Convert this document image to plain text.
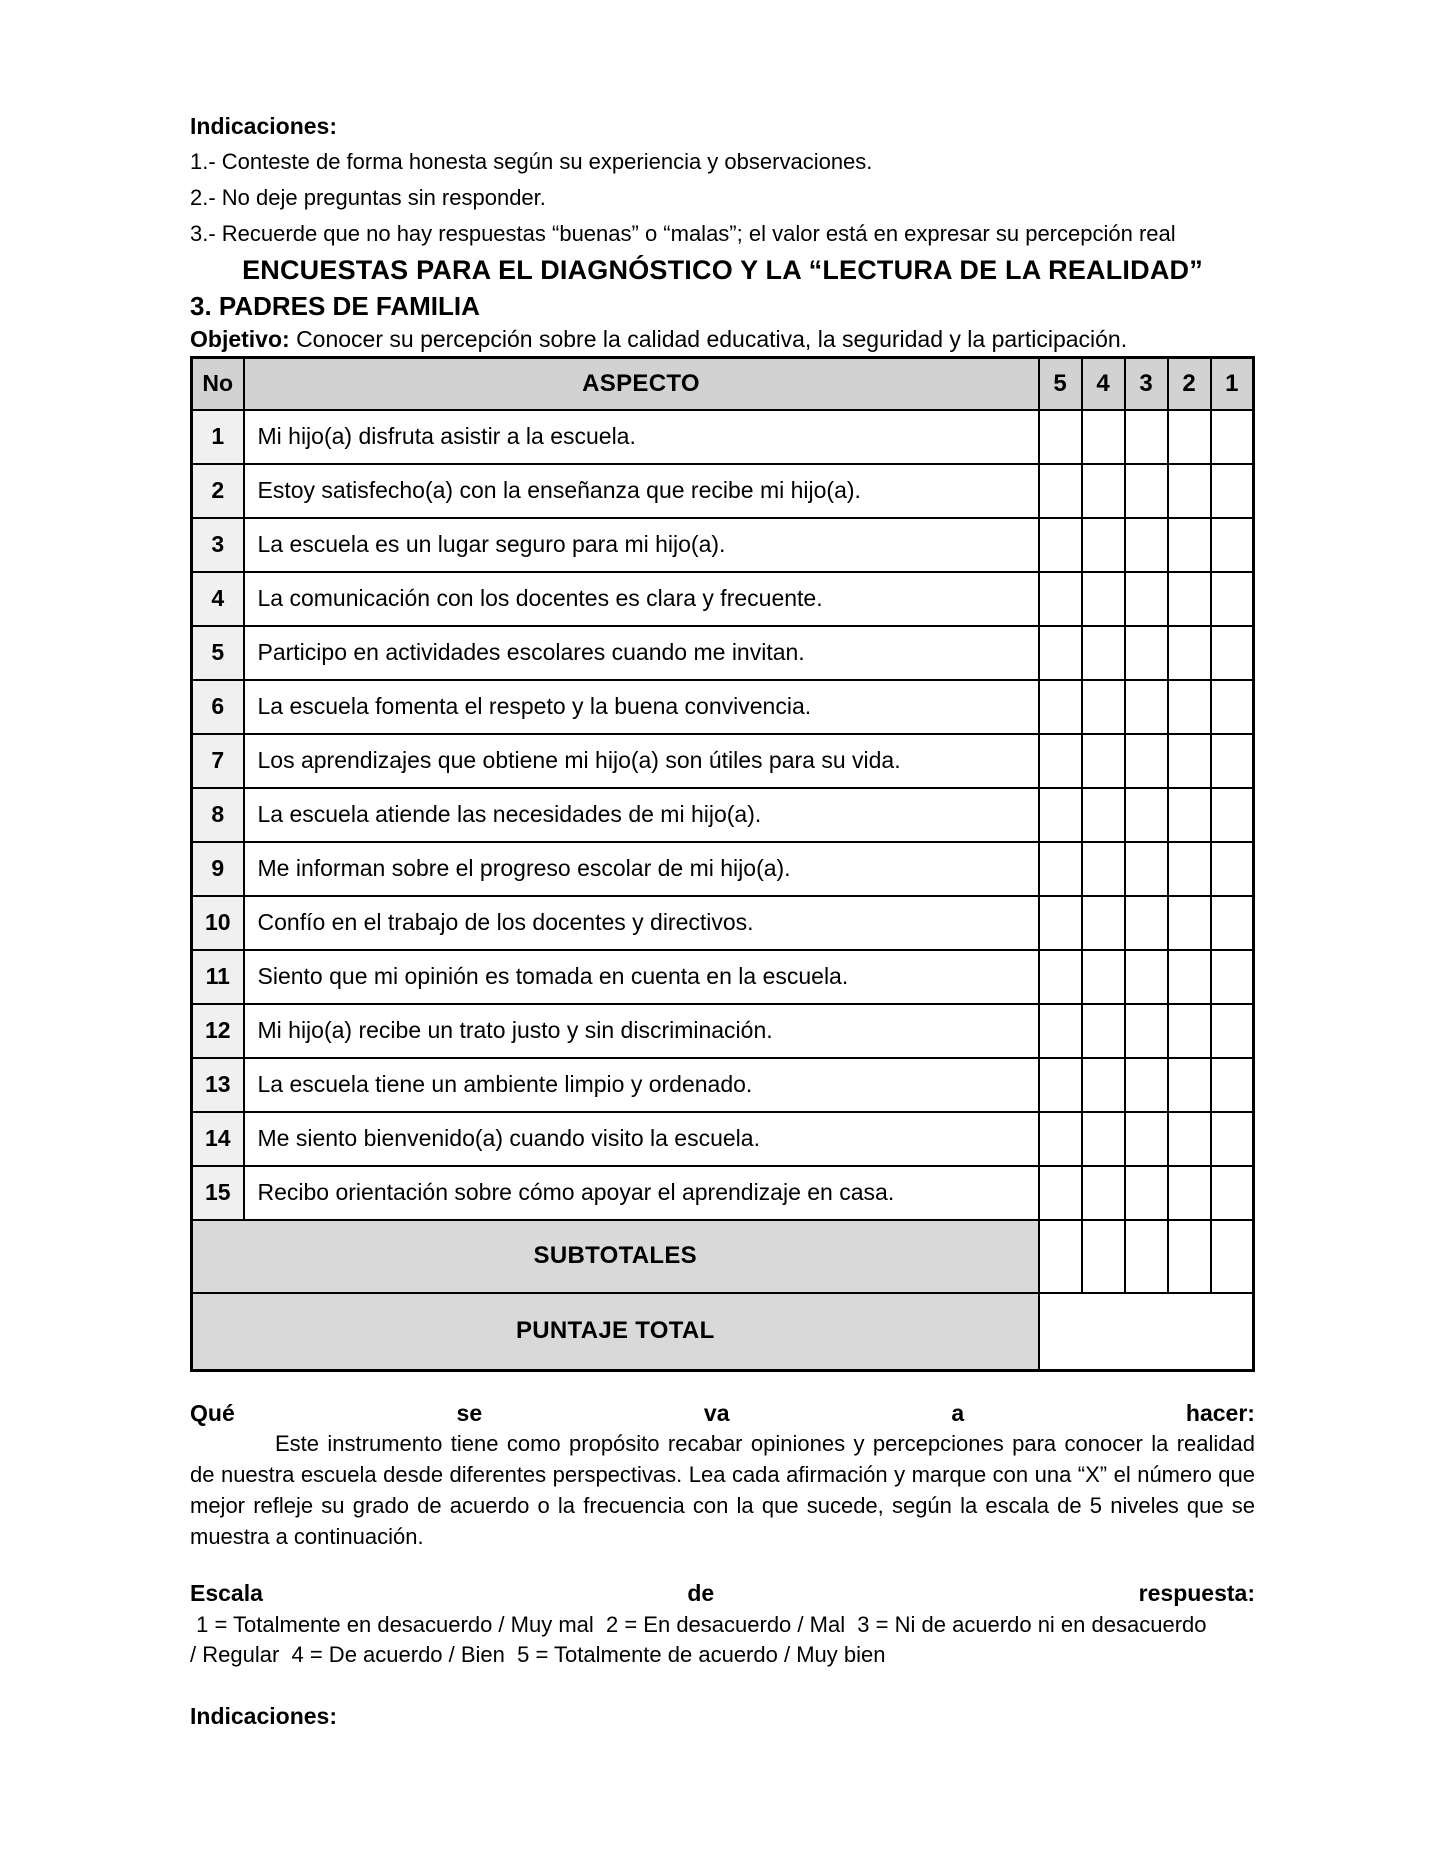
Indicaciones:

1.- Conteste de forma honesta según su experiencia y observaciones.

2.- No deje preguntas sin responder.

3.- Recuerde que no hay respuestas “buenas” o “malas”; el valor está en expresar su percepción real

ENCUESTAS PARA EL DIAGNÓSTICO Y LA “LECTURA DE LA REALIDAD”
3. PADRES DE FAMILIA

Objetivo: Conocer su percepción sobre la calidad educativa, la seguridad y la participación.

No	ASPECTO	5	4	3	2	1
1	Mi hijo(a) disfruta asistir a la escuela.					
2	Estoy satisfecho(a) con la enseñanza que recibe mi hijo(a).					
3	La escuela es un lugar seguro para mi hijo(a).					
4	La comunicación con los docentes es clara y frecuente.					
5	Participo en actividades escolares cuando me invitan.					
6	La escuela fomenta el respeto y la buena convivencia.					
7	Los aprendizajes que obtiene mi hijo(a) son útiles para su vida.					
8	La escuela atiende las necesidades de mi hijo(a).					
9	Me informan sobre el progreso escolar de mi hijo(a).					
10	Confío en el trabajo de los docentes y directivos.					
11	Siento que mi opinión es tomada en cuenta en la escuela.					
12	Mi hijo(a) recibe un trato justo y sin discriminación.					
13	La escuela tiene un ambiente limpio y ordenado.					
14	Me siento bienvenido(a) cuando visito la escuela.					
15	Recibo orientación sobre cómo apoyar el aprendizaje en casa.					
SUBTOTALES						
PUNTAJE TOTAL						
Qué	se	va	a	hacer:

Este instrumento tiene como propósito recabar opiniones y percepciones para conocer la realidad de nuestra escuela desde diferentes perspectivas. Lea cada afirmación y marque con una “X” el número que mejor refleje su grado de acuerdo o la frecuencia con la que sucede, según la escala de 5 niveles que se muestra a continuación.

Escala	de	respuesta:

1 = Totalmente en desacuerdo / Muy mal  2 = En desacuerdo / Mal  3 = Ni de acuerdo ni en desacuerdo

/ Regular  4 = De acuerdo / Bien  5 = Totalmente de acuerdo / Muy bien

Indicaciones:
